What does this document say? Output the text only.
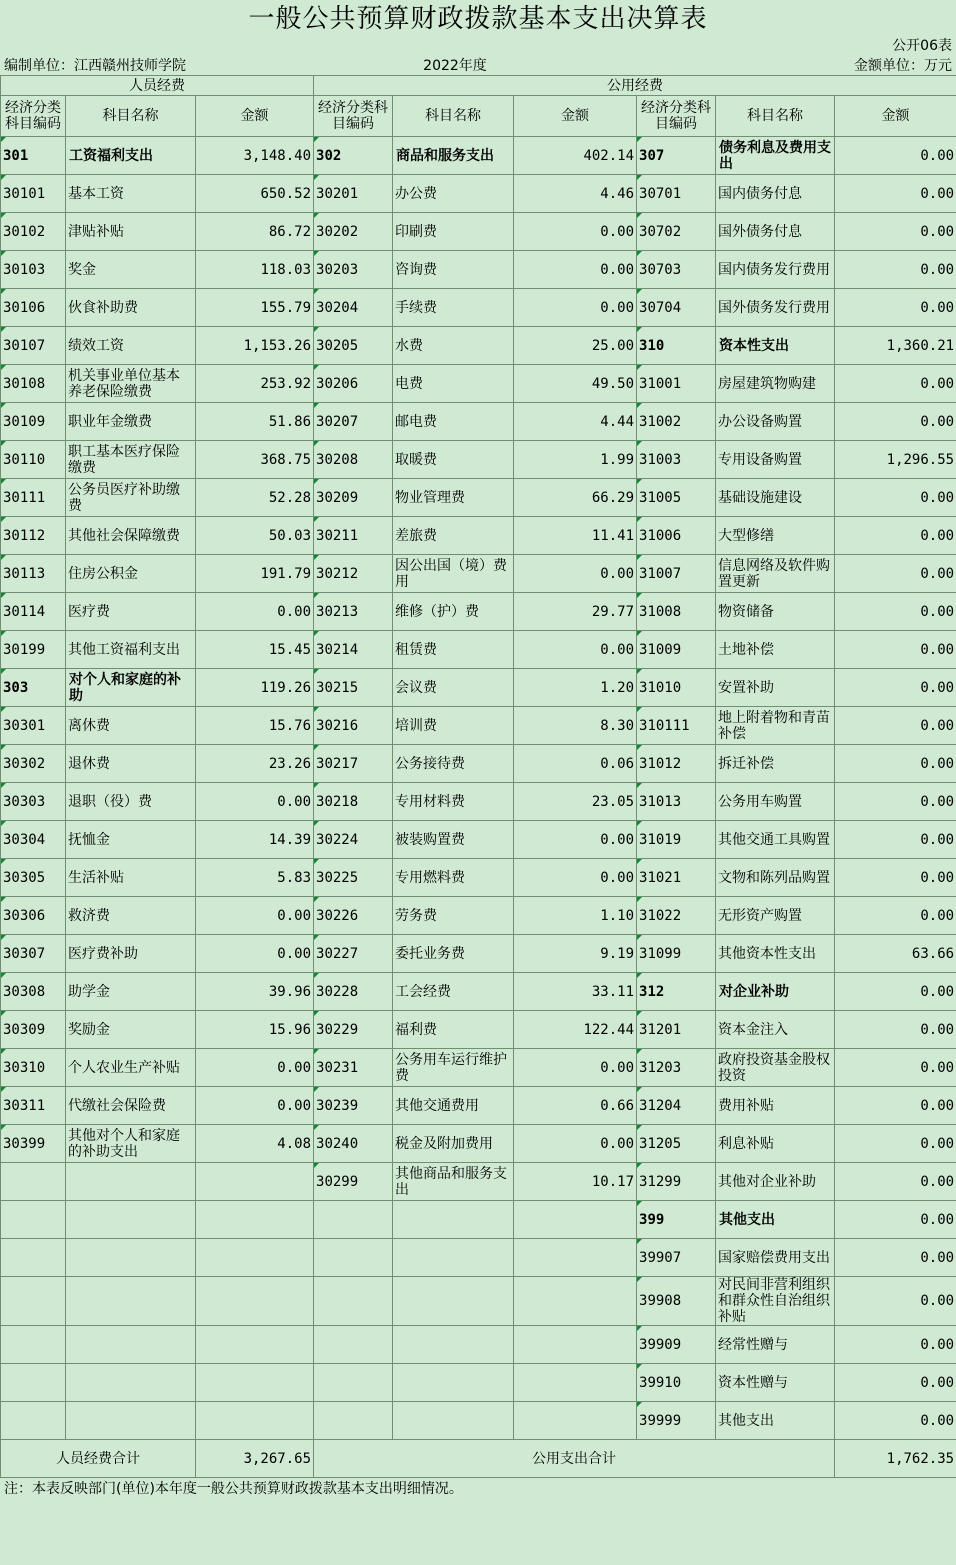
一般公共预算财政拨款基本支出决算表
公开06表
编制单位：江西赣州技师学院	2022年度	金额单位：万元
人员经费			公用经费					
经济分类科目编码	科目名称	金额	经济分类科目编码	科目名称	金额	经济分类科目编码	科目名称	金额
301	工资福利支出	3,148.40	302	商品和服务支出	402.14	307	债务利息及费用支出	0.00
30101	基本工资	650.52	30201	办公费	4.46	30701	国内债务付息	0.00
30102	津贴补贴	86.72	30202	印刷费	0.00	30702	国外债务付息	0.00
30103	奖金	118.03	30203	咨询费	0.00	30703	国内债务发行费用	0.00
30106	伙食补助费	155.79	30204	手续费	0.00	30704	国外债务发行费用	0.00
30107	绩效工资	1,153.26	30205	水费	25.00	310	资本性支出	1,360.21
30108	机关事业单位基本养老保险缴费	253.92	30206	电费	49.50	31001	房屋建筑物购建	0.00
30109	职业年金缴费	51.86	30207	邮电费	4.44	31002	办公设备购置	0.00
30110	职工基本医疗保险缴费	368.75	30208	取暖费	1.99	31003	专用设备购置	1,296.55
30111	公务员医疗补助缴费	52.28	30209	物业管理费	66.29	31005	基础设施建设	0.00
30112	其他社会保障缴费	50.03	30211	差旅费	11.41	31006	大型修缮	0.00
30113	住房公积金	191.79	30212	因公出国（境）费用	0.00	31007	信息网络及软件购置更新	0.00
30114	医疗费	0.00	30213	维修（护）费	29.77	31008	物资储备	0.00
30199	其他工资福利支出	15.45	30214	租赁费	0.00	31009	土地补偿	0.00
303	对个人和家庭的补助	119.26	30215	会议费	1.20	31010	安置补助	0.00
30301	离休费	15.76	30216	培训费	8.30	310111	地上附着物和青苗补偿	0.00
30302	退休费	23.26	30217	公务接待费	0.06	31012	拆迁补偿	0.00
30303	退职（役）费	0.00	30218	专用材料费	23.05	31013	公务用车购置	0.00
30304	抚恤金	14.39	30224	被装购置费	0.00	31019	其他交通工具购置	0.00
30305	生活补贴	5.83	30225	专用燃料费	0.00	31021	文物和陈列品购置	0.00
30306	救济费	0.00	30226	劳务费	1.10	31022	无形资产购置	0.00
30307	医疗费补助	0.00	30227	委托业务费	9.19	31099	其他资本性支出	63.66
30308	助学金	39.96	30228	工会经费	33.11	312	对企业补助	0.00
30309	奖励金	15.96	30229	福利费	122.44	31201	资本金注入	0.00
30310	个人农业生产补贴	0.00	30231	公务用车运行维护费	0.00	31203	政府投资基金股权投资	0.00
30311	代缴社会保险费	0.00	30239	其他交通费用	0.66	31204	费用补贴	0.00
30399	其他对个人和家庭的补助支出	4.08	30240	税金及附加费用	0.00	31205	利息补贴	0.00
			30299	其他商品和服务支出	10.17	31299	其他对企业补助	0.00
						399	其他支出	0.00
						39907	国家赔偿费用支出	0.00
						39908	对民间非营利组织和群众性自治组织补贴	0.00
						39909	经常性赠与	0.00
						39910	资本性赠与	0.00
						39999	其他支出	0.00
人员经费合计		3,267.65	公用支出合计					1,762.35
注：本表反映部门(单位)本年度一般公共预算财政拨款基本支出明细情况。
